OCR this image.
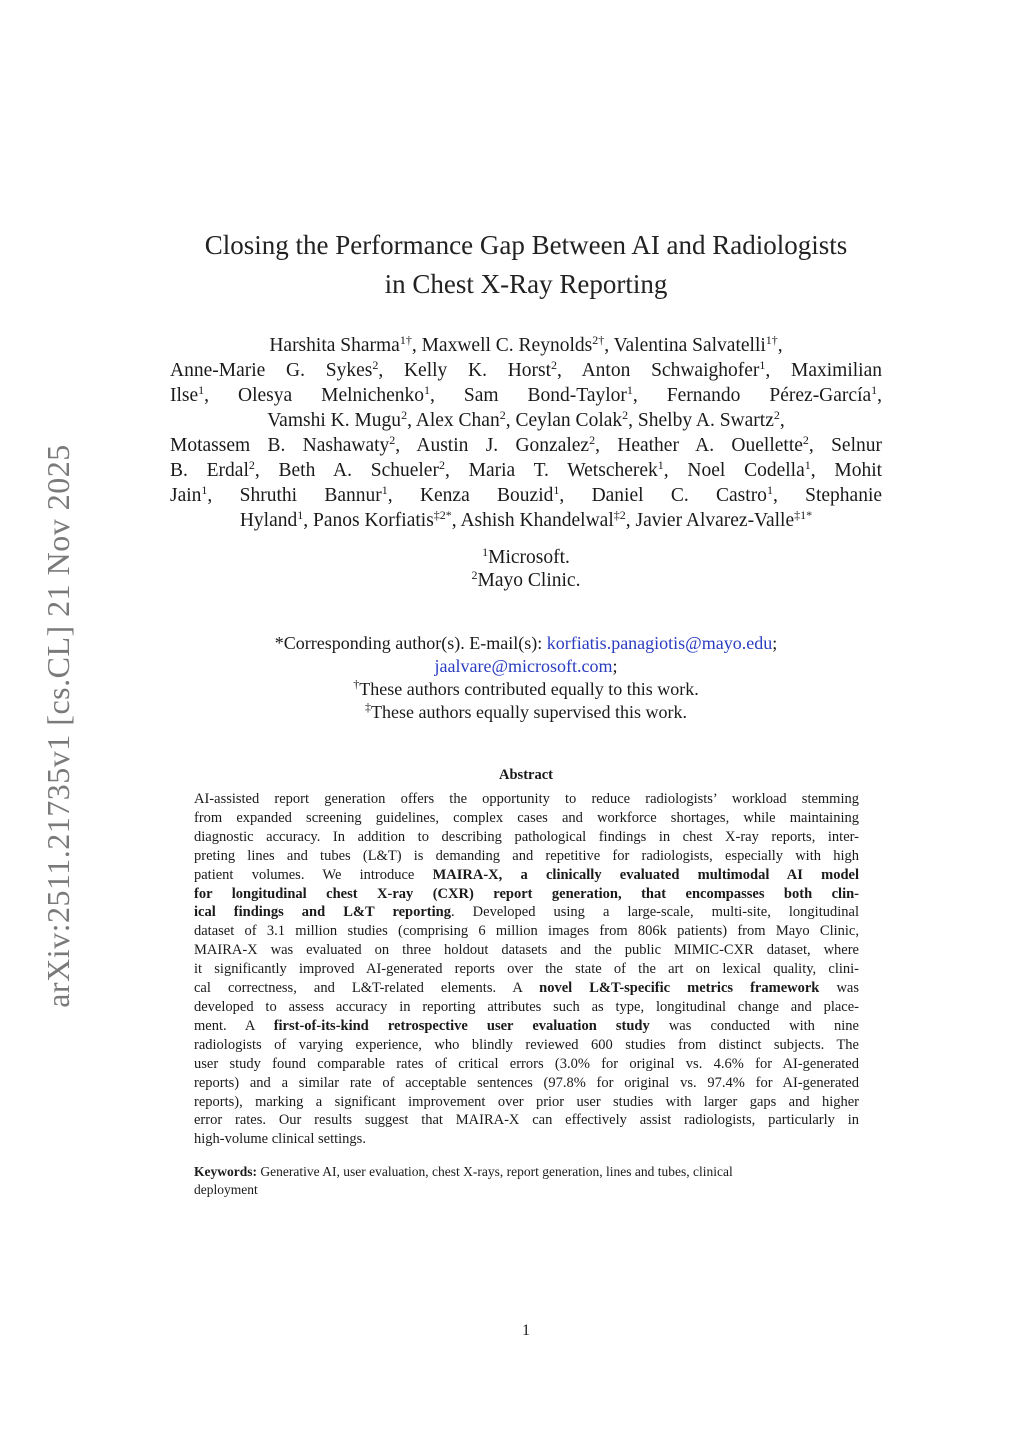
arXiv:2511.21735v1 [cs.CL] 21 Nov 2025
Closing the Performance Gap Between AI and Radiologists
in Chest X-Ray Reporting
Harshita Sharma$^{1\dagger}$, Maxwell C. Reynolds$^{2\dagger}$, Valentina Salvatelli$^{1\dagger}$,
Anne-Marie G. Sykes$^2$, Kelly K. Horst$^2$, Anton Schwaighofer$^1$, Maximilian
Ilse$^1$, Olesya Melnichenko$^1$, Sam Bond-Taylor$^1$, Fernando Pérez-García$^1$,
Vamshi K. Mugu$^2$, Alex Chan$^2$, Ceylan Colak$^2$, Shelby A. Swartz$^2$,
Motassem B. Nashawaty$^2$, Austin J. Gonzalez$^2$, Heather A. Ouellette$^2$, Selnur
B. Erdal$^2$, Beth A. Schueler$^2$, Maria T. Wetscherek$^1$, Noel Codella$^1$, Mohit
Jain$^1$, Shruthi Bannur$^1$, Kenza Bouzid$^1$, Daniel C. Castro$^1$, Stephanie
Hyland$^1$, Panos Korfiatis$^{\ddagger 2*}$, Ashish Khandelwal$^{\ddagger 2}$, Javier Alvarez-Valle$^{\ddagger 1*}$
$^1$Microsoft.
$^2$Mayo Clinic.
*Corresponding author(s). E-mail(s): korfiatis.panagiotis@mayo.edu;
jaalvare@microsoft.com;
†These authors contributed equally to this work.
‡These authors equally supervised this work.
Abstract
AI-assisted report generation offers the opportunity to reduce radiologists’ workload stemming
from expanded screening guidelines, complex cases and workforce shortages, while maintaining
diagnostic accuracy. In addition to describing pathological findings in chest X-ray reports, inter-
preting lines and tubes (L&T) is demanding and repetitive for radiologists, especially with high
patient volumes. We introduce MAIRA-X, a clinically evaluated multimodal AI model
for longitudinal chest X-ray (CXR) report generation, that encompasses both clin-
ical findings and L&T reporting. Developed using a large-scale, multi-site, longitudinal
dataset of 3.1 million studies (comprising 6 million images from 806k patients) from Mayo Clinic,
MAIRA-X was evaluated on three holdout datasets and the public MIMIC-CXR dataset, where
it significantly improved AI-generated reports over the state of the art on lexical quality, clini-
cal correctness, and L&T-related elements. A novel L&T-specific metrics framework was
developed to assess accuracy in reporting attributes such as type, longitudinal change and place-
ment. A first-of-its-kind retrospective user evaluation study was conducted with nine
radiologists of varying experience, who blindly reviewed 600 studies from distinct subjects. The
user study found comparable rates of critical errors (3.0% for original vs. 4.6% for AI-generated
reports) and a similar rate of acceptable sentences (97.8% for original vs. 97.4% for AI-generated
reports), marking a significant improvement over prior user studies with larger gaps and higher
error rates. Our results suggest that MAIRA-X can effectively assist radiologists, particularly in
high-volume clinical settings.
Keywords: Generative AI, user evaluation, chest X-rays, report generation, lines and tubes, clinical
deployment
1
